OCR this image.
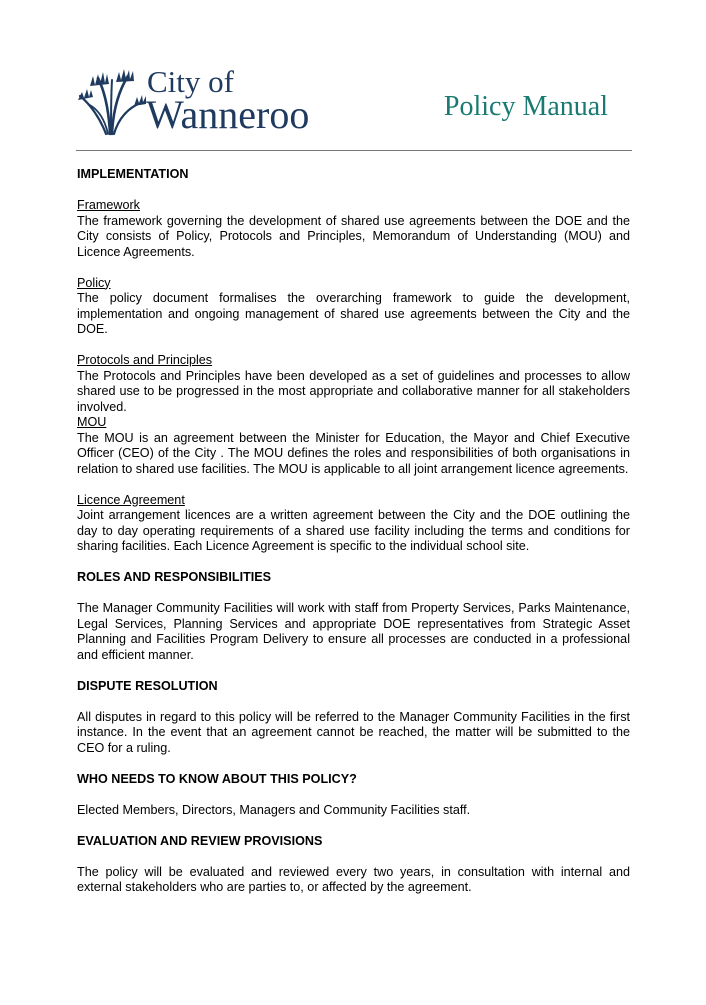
City of
Wanneroo	Policy Manual

IMPLEMENTATION

Framework

The framework governing the development of shared use agreements between the DOE and the City consists of Policy, Protocols and Principles, Memorandum of Understanding (MOU) and Licence Agreements.

Policy

The policy document formalises the overarching framework to guide the development, implementation and ongoing management of shared use agreements between the City and the DOE.

Protocols and Principles

The Protocols and Principles have been developed as a set of guidelines and processes to allow shared use to be progressed in the most appropriate and collaborative manner for all stakeholders involved.

MOU

The MOU is an agreement between the Minister for Education, the Mayor and Chief Executive Officer (CEO) of the City . The MOU defines the roles and responsibilities of both organisations in relation to shared use facilities. The MOU is applicable to all joint arrangement licence agreements.

Licence Agreement

Joint arrangement licences are a written agreement between the City and the DOE outlining the day to day operating requirements of a shared use facility including the terms and conditions for sharing facilities. Each Licence Agreement is specific to the individual school site.

ROLES AND RESPONSIBILITIES

The Manager Community Facilities will work with staff from Property Services, Parks Maintenance, Legal Services, Planning Services and appropriate DOE representatives from Strategic Asset Planning and Facilities Program Delivery to ensure all processes are conducted in a professional and efficient manner.

DISPUTE RESOLUTION

All disputes in regard to this policy will be referred to the Manager Community Facilities in the first instance. In the event that an agreement cannot be reached, the matter will be submitted to the CEO for a ruling.

WHO NEEDS TO KNOW ABOUT THIS POLICY?

Elected Members, Directors, Managers and Community Facilities staff.

EVALUATION AND REVIEW PROVISIONS

The policy will be evaluated and reviewed every two years, in consultation with internal and external stakeholders who are parties to, or affected by the agreement.
